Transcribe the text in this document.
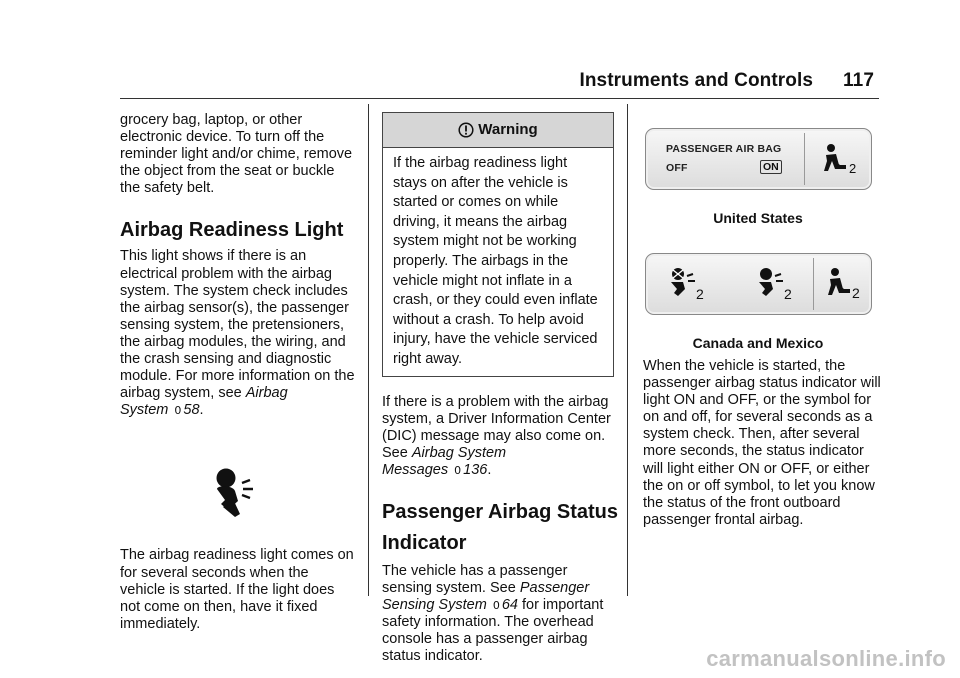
Instruments and Controls 117

grocery bag, laptop, or other electronic device. To turn off the reminder light and/or chime, remove the object from the seat or buckle the safety belt.

Airbag Readiness Light

This light shows if there is an electrical problem with the airbag system. The system check includes the airbag sensor(s), the passenger sensing system, the pretensioners, the airbag modules, the wiring, and the crash sensing and diagnostic module. For more information on the airbag system, see Airbag
System 0 58.

The airbag readiness light comes on for several seconds when the vehicle is started. If the light does not come on then, have it fixed immediately.

Warning
If the airbag readiness light stays on after the vehicle is started or comes on while driving, it means the airbag system might not be working properly. The airbags in the vehicle might not inflate in a crash, or they could even inflate without a crash. To help avoid injury, have the vehicle serviced right away.

If there is a problem with the airbag system, a Driver Information Center (DIC) message may also come on. See Airbag System
Messages 0 136.

Passenger Airbag Status
Indicator

The vehicle has a passenger sensing system. See Passenger
Sensing System 0 64 for important safety information. The overhead console has a passenger airbag status indicator.

PASSENGER AIR BAG
OFF	ON	2
United States
2	2	2
Canada and Mexico

When the vehicle is started, the passenger airbag status indicator will light ON and OFF, or the symbol for on and off, for several seconds as a system check. Then, after several more seconds, the status indicator will light either ON or OFF, or either the on or off symbol, to let you know the status of the front outboard passenger frontal airbag.

carmanualsonline.info
